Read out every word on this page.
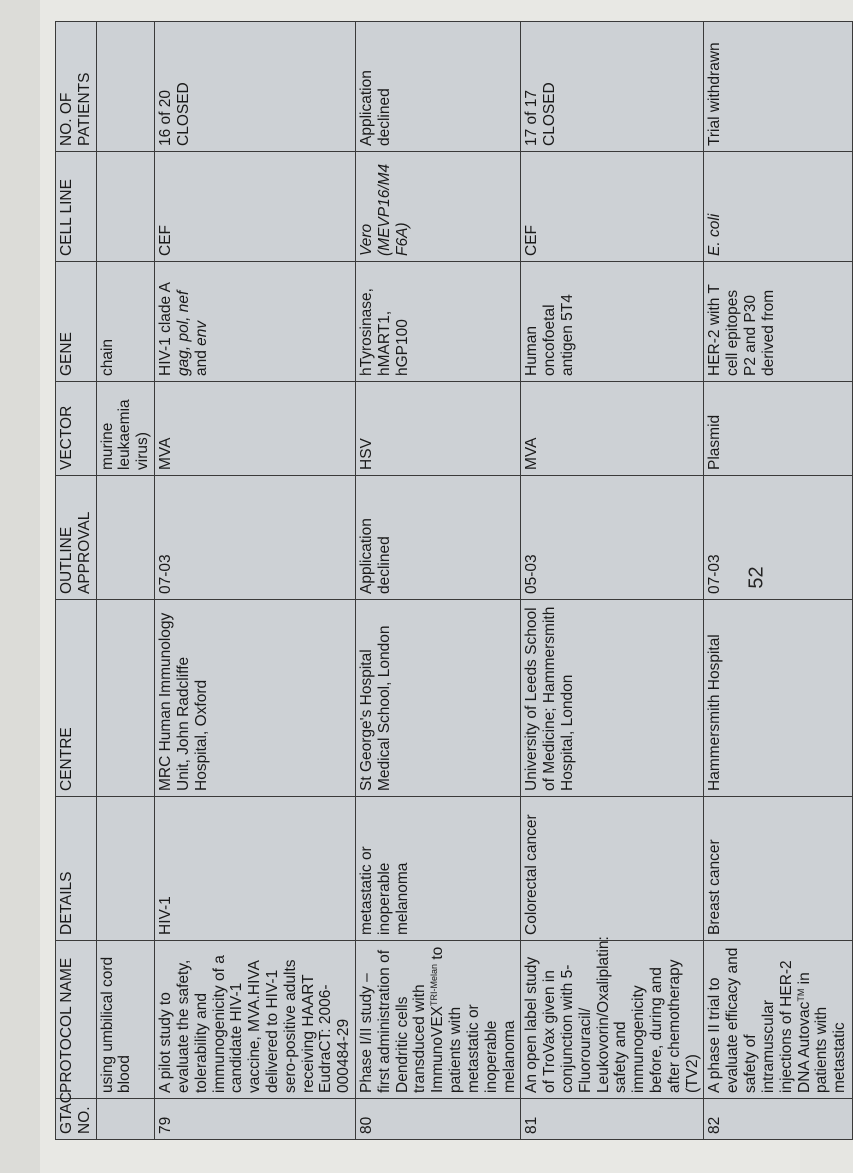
GTAC NO.	PROTOCOL NAME	DETAILS	CENTRE	OUTLINE APPROVAL	VECTOR	GENE	CELL LINE	NO. OF PATIENTS
	using umbilical cord blood				murine leukaemia virus)	chain		
79	A pilot study to evaluate the safety, tolerability and immunogenicity of a candidate HIV-1 vaccine, MVA.HIVA delivered to HIV-1 sero-positive adults receiving HAART EudraCT: 2006-000484-29	HIV-1	MRC Human Immunology Unit, John Radcliffe Hospital, Oxford	07-03	MVA	HIV-1 clade A gag, pol, nef and env	CEF	16 of 20 CLOSED
80	Phase I/II study – first administration of Dendritic cells transduced with ImmunoVEX$^{TRI-Melan}$ to patients with metastatic or inoperable melanoma	metastatic or inoperable melanoma	St George's Hospital Medical School, London	Application declined	HSV	hTyrosinase, hMART1, hGP100	Vero (MEVP16/M4 F6A)	Application declined
81	An open label study of TroVax given in conjunction with 5-Fluorouracil/ Leukovorin/Oxaliplatin: safety and immunogenicity before, during and after chemotherapy (TV2)	Colorectal cancer	University of Leeds School of Medicine; Hammersmith Hospital, London	05-03	MVA	Human oncofoetal antigen 5T4	CEF	17 of 17 CLOSED
82	A phase II trial to evaluate efficacy and safety of intramuscular injections of HER-2 DNA Autovac™ in patients with metastatic	Breast cancer	Hammersmith Hospital	07-03	Plasmid	HER-2 with T cell epitopes P2 and P30 derived from	E. coli	Trial withdrawn
52
